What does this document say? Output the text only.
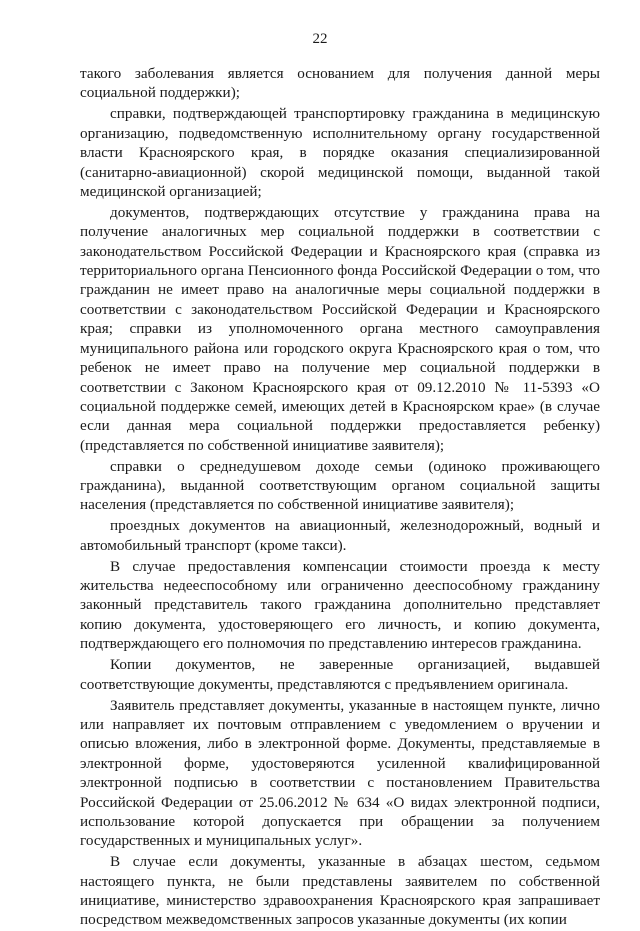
22

такого заболевания является основанием для получения данной меры социальной поддержки);

справки, подтверждающей транспортировку гражданина в медицинскую организацию, подведомственную исполнительному органу государственной власти Красноярского края, в порядке оказания специализированной (санитарно-авиационной) скорой медицинской помощи, выданной такой медицинской организацией;

документов, подтверждающих отсутствие у гражданина права на получение аналогичных мер социальной поддержки в соответствии с законодательством Российской Федерации и Красноярского края (справка из территориального органа Пенсионного фонда Российской Федерации о том, что гражданин не имеет право на аналогичные меры социальной поддержки в соответствии с законодательством Российской Федерации и Красноярского края; справки из уполномоченного органа местного самоуправления муниципального района или городского округа Красноярского края о том, что ребенок не имеет право на получение мер социальной поддержки в соответствии с Законом Красноярского края от 09.12.2010 № 11-5393 «О социальной поддержке семей, имеющих детей в Красноярском крае» (в случае если данная мера социальной поддержки предоставляется ребенку) (представляется по собственной инициативе заявителя);

справки о среднедушевом доходе семьи (одиноко проживающего гражданина), выданной соответствующим органом социальной защиты населения (представляется по собственной инициативе заявителя);

проездных документов на авиационный, железнодорожный, водный и автомобильный транспорт (кроме такси).

В случае предоставления компенсации стоимости проезда к месту жительства недееспособному или ограниченно дееспособному гражданину законный представитель такого гражданина дополнительно представляет копию документа, удостоверяющего его личность, и копию документа, подтверждающего его полномочия по представлению интересов гражданина.

Копии документов, не заверенные организацией, выдавшей соответствующие документы, представляются с предъявлением оригинала.

Заявитель представляет документы, указанные в настоящем пункте, лично или направляет их почтовым отправлением с уведомлением о вручении и описью вложения, либо в электронной форме. Документы, представляемые в электронной форме, удостоверяются усиленной квалифицированной электронной подписью в соответствии с постановлением Правительства Российской Федерации от 25.06.2012 № 634 «О видах электронной подписи, использование которой допускается при обращении за получением государственных и муниципальных услуг».

В случае если документы, указанные в абзацах шестом, седьмом настоящего пункта, не были представлены заявителем по собственной инициативе, министерство здравоохранения Красноярского края запрашивает посредством межведомственных запросов указанные документы (их копии
